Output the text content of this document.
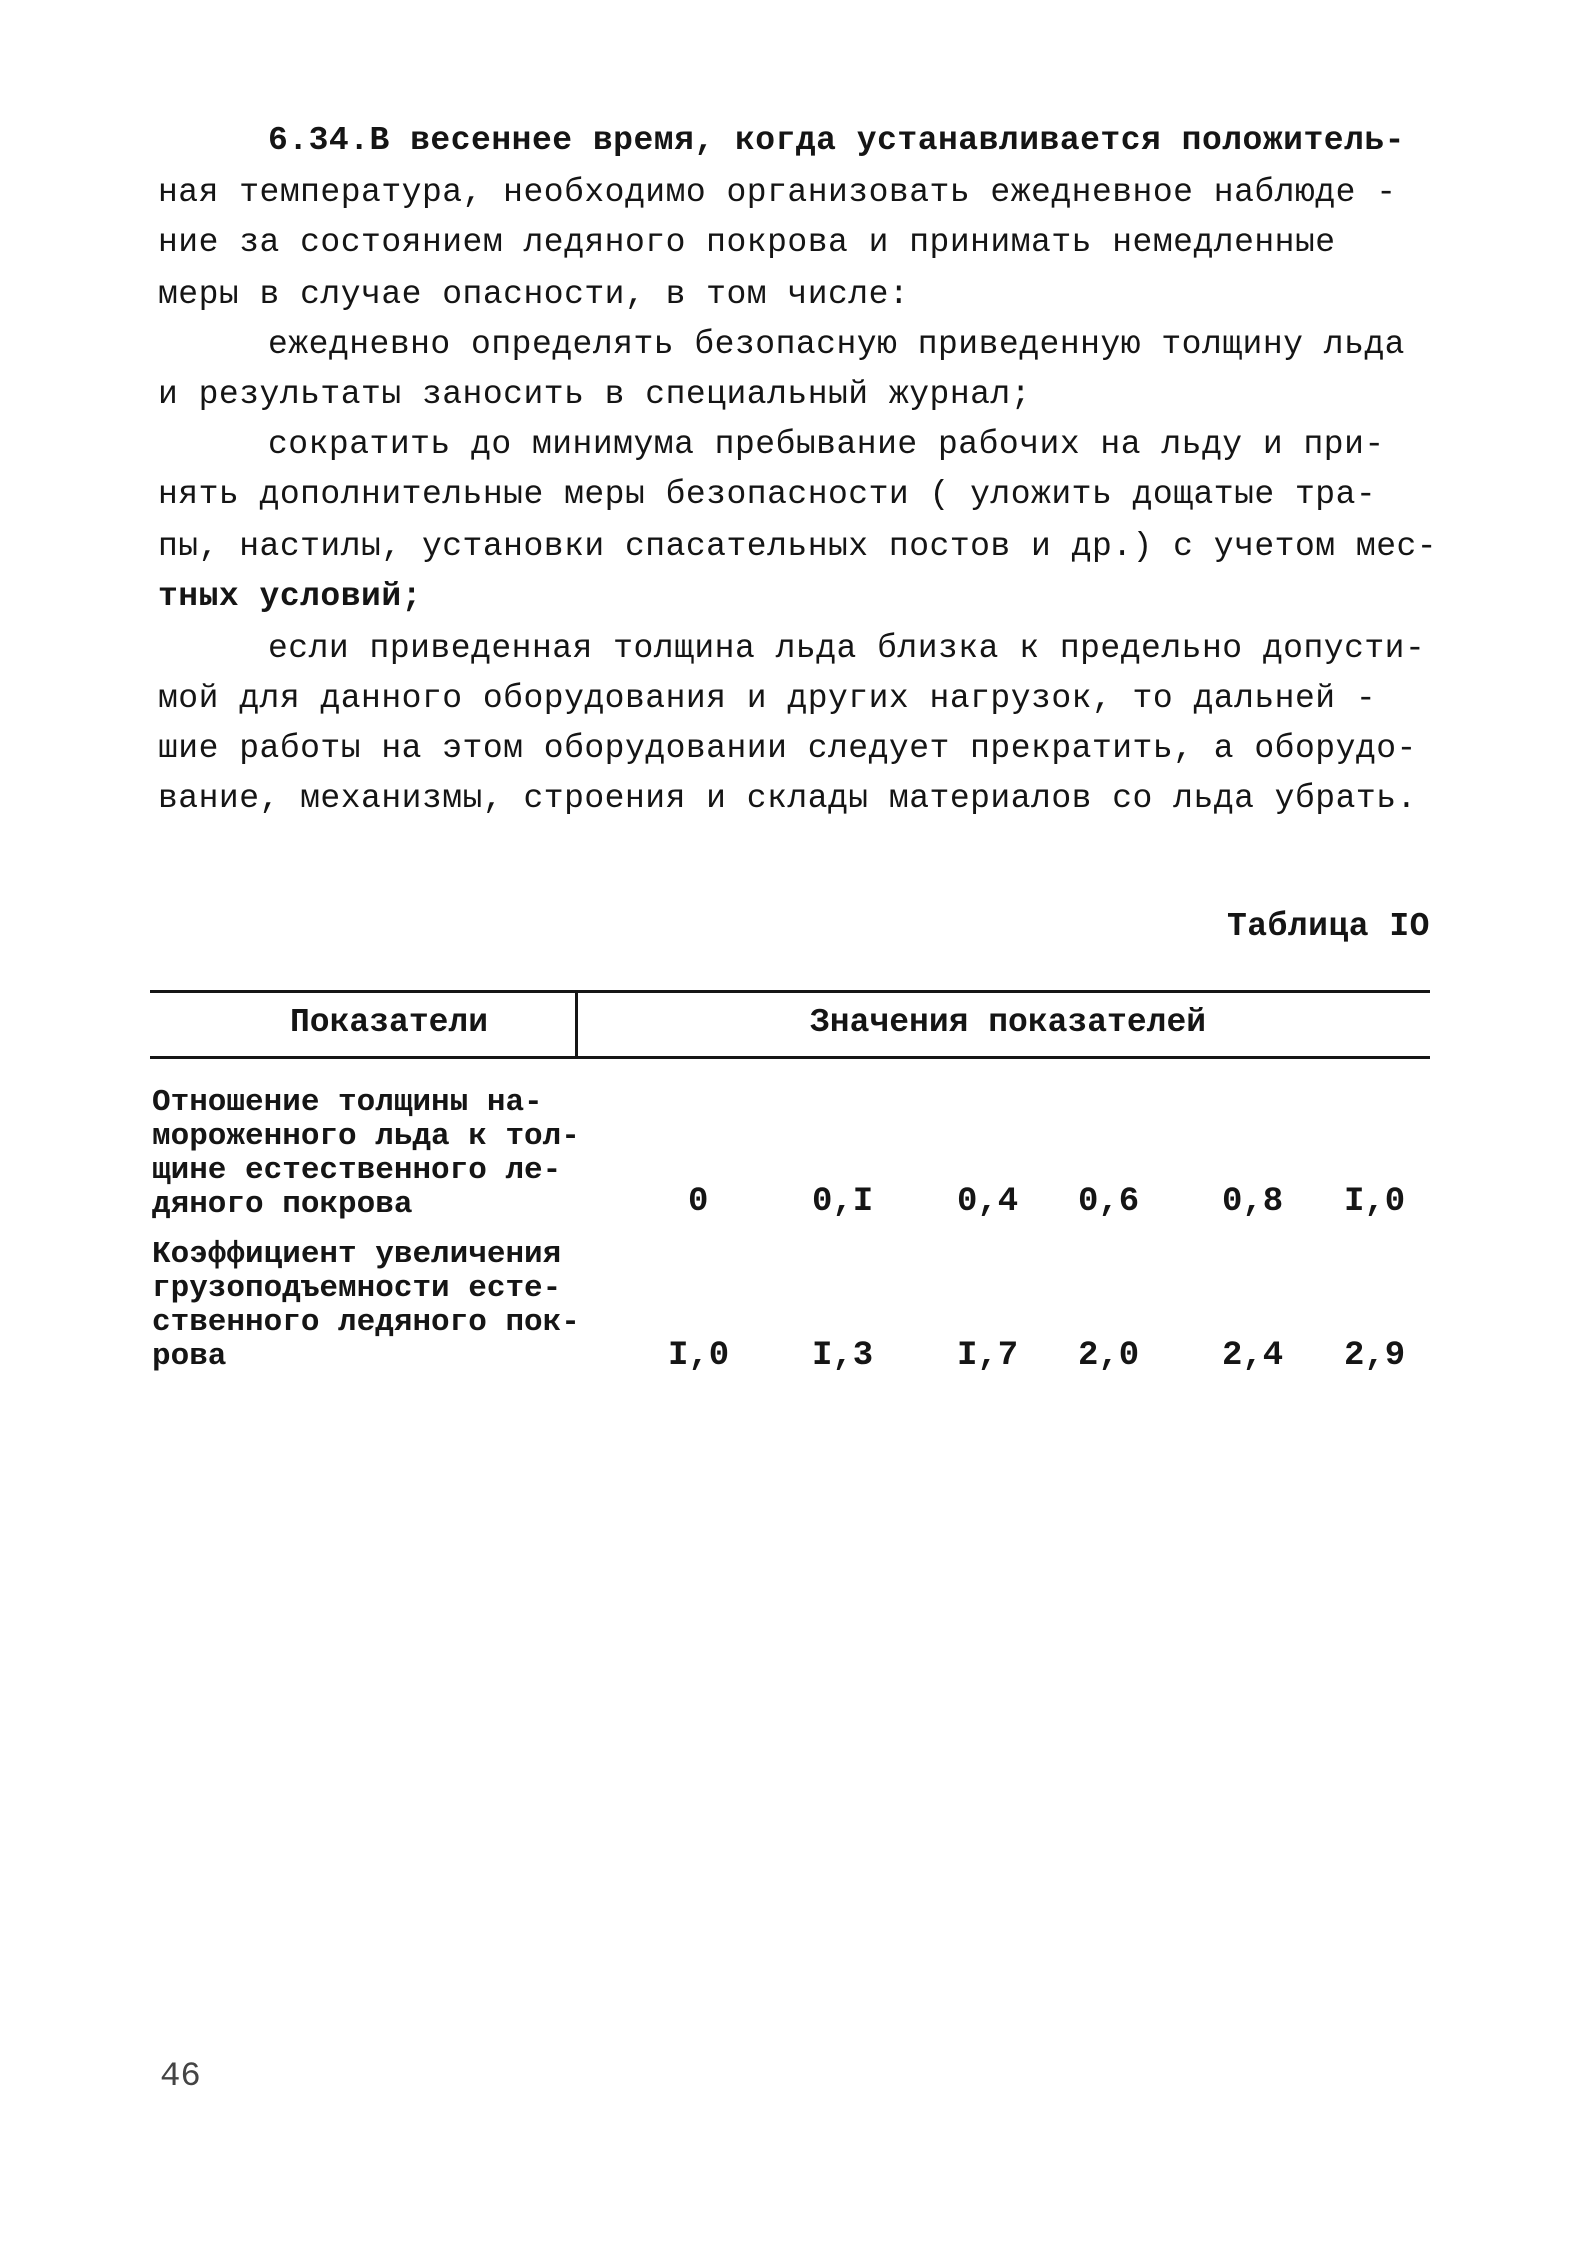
6.34.В весеннее время, когда устанавливается положитель-
ная температура, необходимо организовать ежедневное наблюде -
ние за состоянием ледяного покрова и принимать немедленные
меры в случае опасности, в том числе:
ежедневно определять безопасную приведенную толщину льда
и результаты заносить в специальный журнал;
сократить до минимума пребывание рабочих на льду и при-
нять дополнительные меры безопасности ( уложить дощатые тра-
пы, настилы, установки спасательных постов и др.) с учетом мес-
тных условий;
если приведенная толщина льда близка к предельно допусти-
мой для данного оборудования и других нагрузок, то дальней -
шие работы на этом оборудовании следует прекратить, а оборудо-
вание, механизмы, строения и склады материалов со льда убрать.
Таблица IO
Показатели	Значения показателей
Отношение толщины на-
мороженного льда к тол-
щине естественного ле-
дяного покрова	0	0,I 0,4 0,6 0,8 I,0
Коэффициент увеличения
грузоподъемности есте-
ственного ледяного пок-
рова	I,0 I,3 I,7 2,0 2,4 2,9
46
